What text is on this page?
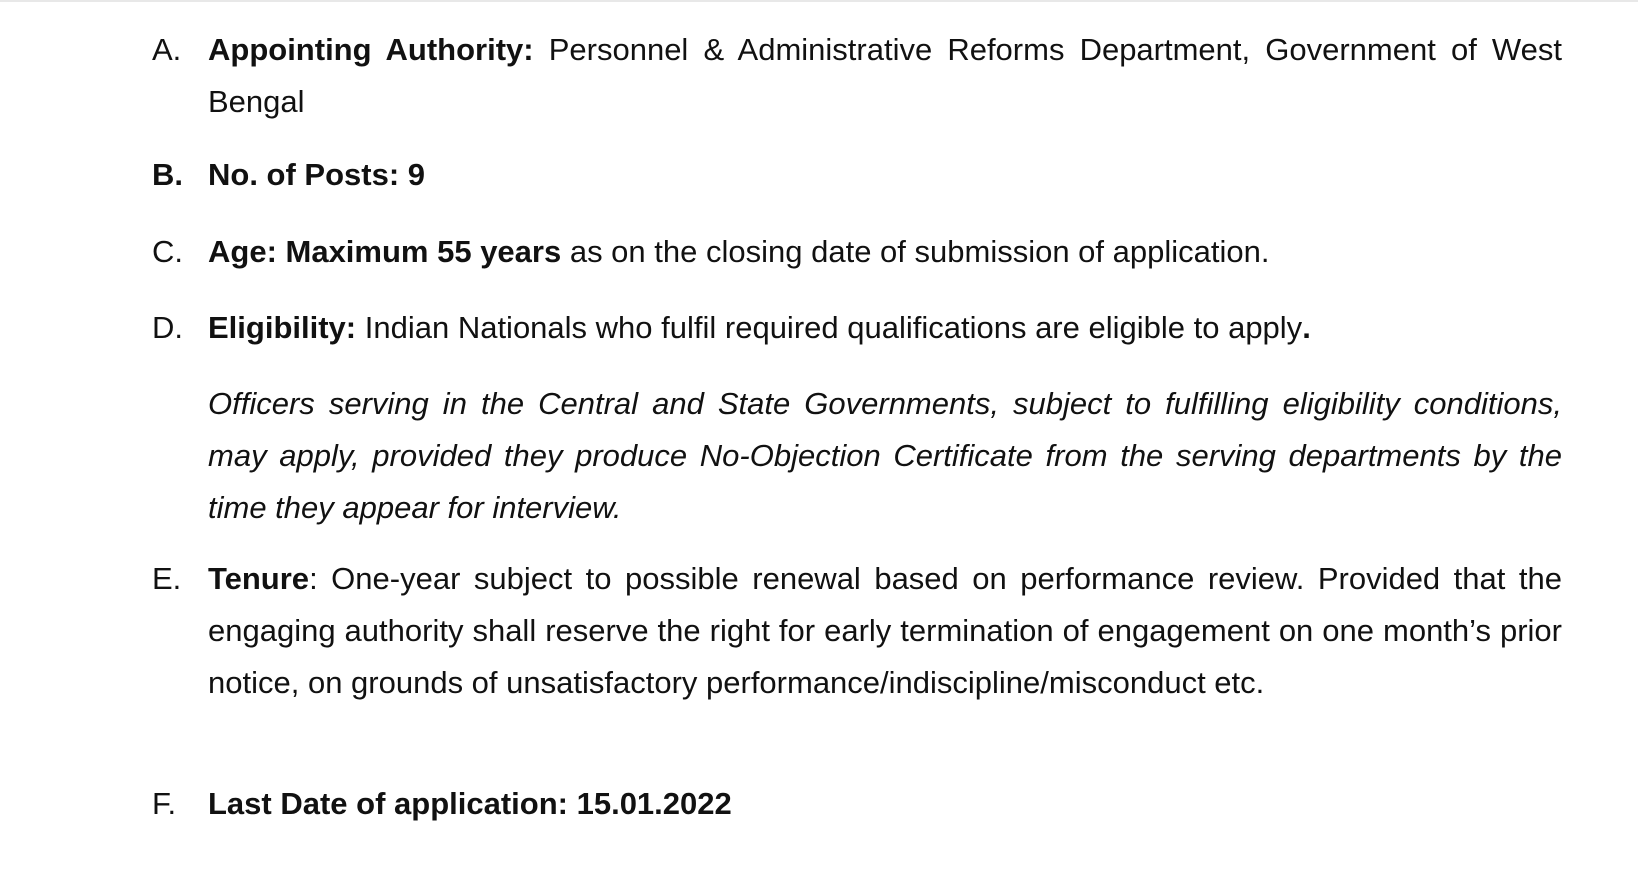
A. Appointing Authority: Personnel & Administrative Reforms Department, Government of West Bengal
B. No. of Posts: 9
C. Age: Maximum 55 years as on the closing date of submission of application.
D. Eligibility: Indian Nationals who fulfil required qualifications are eligible to apply.
Officers serving in the Central and State Governments, subject to fulfilling eligibility conditions, may apply, provided they produce No-Objection Certificate from the serving departments by the time they appear for interview.
E. Tenure: One-year subject to possible renewal based on performance review. Provided that the engaging authority shall reserve the right for early termination of engagement on one month’s prior notice, on grounds of unsatisfactory performance/indiscipline/misconduct etc.
F.	Last Date of application: 15.01.2022
